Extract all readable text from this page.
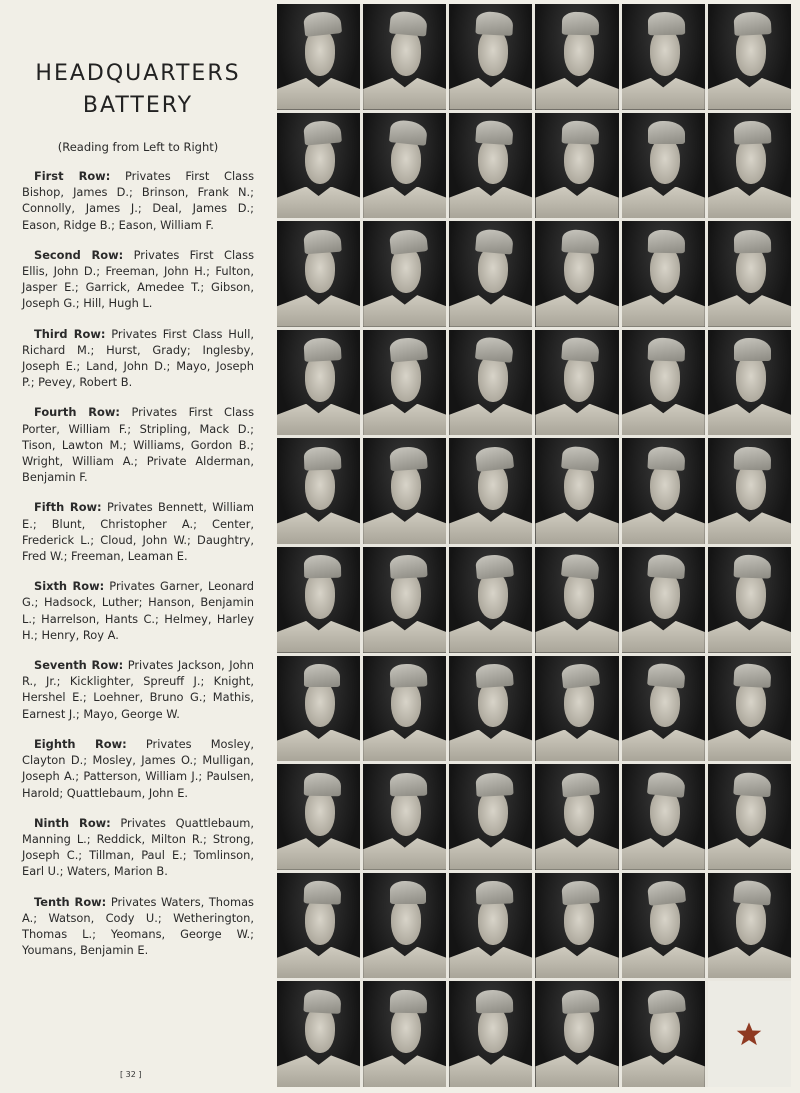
HEADQUARTERS
BATTERY
(Reading from Left to Right)

First Row: Privates First Class Bishop, James D.; Brinson, Frank N.; Connolly, James J.; Deal, James D.; Eason, Ridge B.; Eason, William F.

Second Row: Privates First Class Ellis, John D.; Freeman, John H.; Fulton, Jasper E.; Garrick, Amedee T.; Gibson, Joseph G.; Hill, Hugh L.

Third Row: Privates First Class Hull, Richard M.; Hurst, Grady; Inglesby, Joseph E.; Land, John D.; Mayo, Joseph P.; Pevey, Robert B.

Fourth Row: Privates First Class Porter, William F.; Stripling, Mack D.; Tison, Lawton M.; Williams, Gordon B.; Wright, William A.; Private Alderman, Benjamin F.

Fifth Row: Privates Bennett, William E.; Blunt, Christopher A.; Center, Frederick L.; Cloud, John W.; Daughtry, Fred W.; Freeman, Leaman E.

Sixth Row: Privates Garner, Leonard G.; Hadsock, Luther; Hanson, Benjamin L.; Harrelson, Hants C.; Helmey, Harley H.; Henry, Roy A.

Seventh Row: Privates Jackson, John R., Jr.; Kicklighter, Spreuff J.; Knight, Hershel E.; Loehner, Bruno G.; Mathis, Earnest J.; Mayo, George W.

Eighth Row: Privates Mosley, Clayton D.; Mosley, James O.; Mulligan, Joseph A.; Patterson, William J.; Paulsen, Harold; Quattlebaum, John E.

Ninth Row: Privates Quattlebaum, Manning L.; Reddick, Milton R.; Strong, Joseph C.; Tillman, Paul E.; Tomlinson, Earl U.; Waters, Marion B.

Tenth Row: Privates Waters, Thomas A.; Watson, Cody U.; Wetherington, Thomas L.; Yeomans, George W.; Youmans, Benjamin E.

[ 32 ]
